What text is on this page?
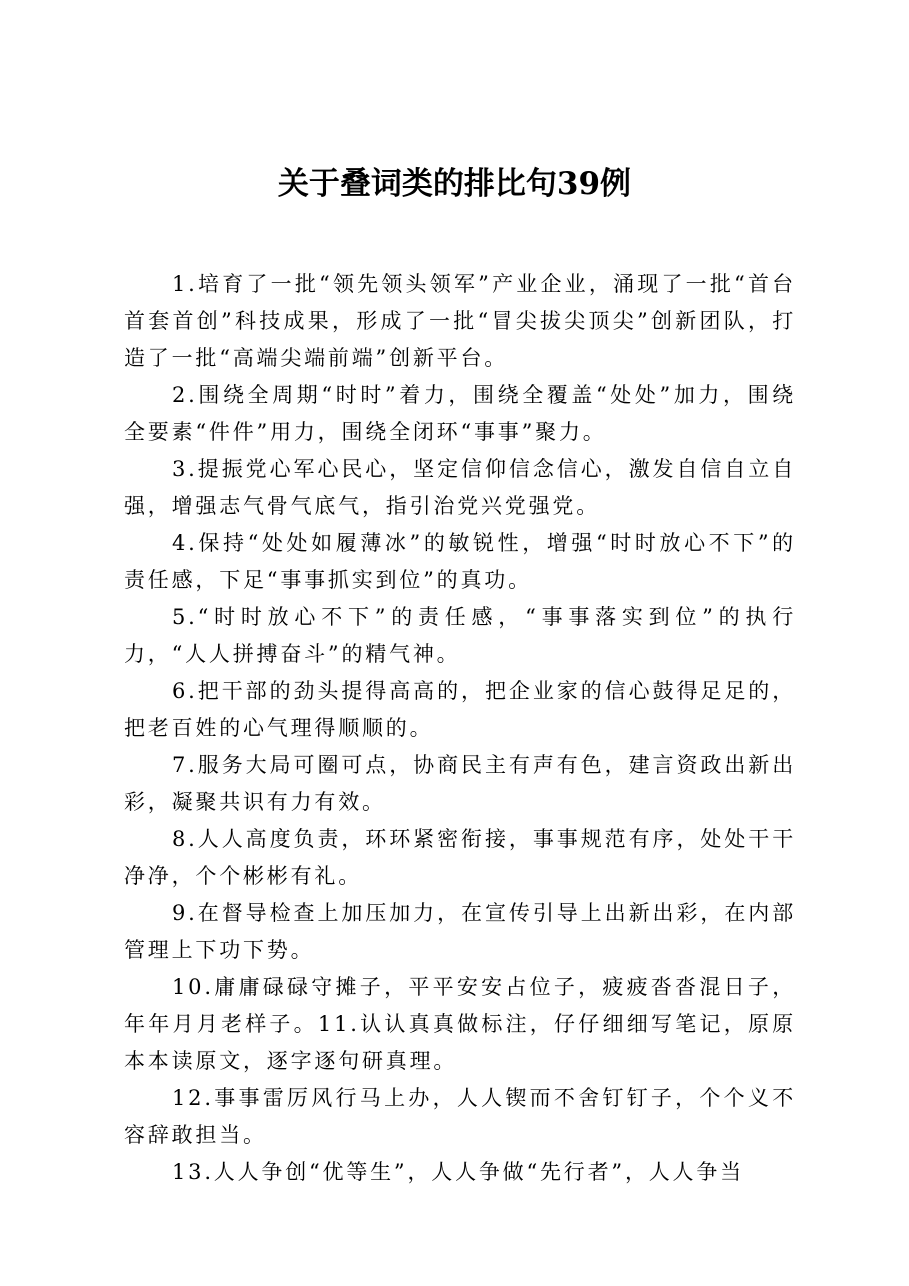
关于叠词类的排比句39例

1.培育了一批“领先领头领军”产业企业，涌现了一批“首台首套首创”科技成果，形成了一批“冒尖拔尖顶尖”创新团队，打造了一批“高端尖端前端”创新平台。

2.围绕全周期“时时”着力，围绕全覆盖“处处”加力，围绕全要素“件件”用力，围绕全闭环“事事”聚力。

3.提振党心军心民心，坚定信仰信念信心，激发自信自立自强，增强志气骨气底气，指引治党兴党强党。

4.保持“处处如履薄冰”的敏锐性，增强“时时放心不下”的责任感，下足“事事抓实到位”的真功。

5.“时时放心不下”的责任感，“事事落实到位”的执行力，“人人拼搏奋斗”的精气神。

6.把干部的劲头提得高高的，把企业家的信心鼓得足足的，把老百姓的心气理得顺顺的。

7.服务大局可圈可点，协商民主有声有色，建言资政出新出彩，凝聚共识有力有效。

8.人人高度负责，环环紧密衔接，事事规范有序，处处干干净净，个个彬彬有礼。

9.在督导检查上加压加力，在宣传引导上出新出彩，在内部管理上下功下势。

10.庸庸碌碌守摊子，平平安安占位子，疲疲沓沓混日子，年年月月老样子。11.认认真真做标注，仔仔细细写笔记，原原本本读原文，逐字逐句研真理。

12.事事雷厉风行马上办，人人锲而不舍钉钉子，个个义不容辞敢担当。

13.人人争创“优等生”，人人争做“先行者”，人人争当
